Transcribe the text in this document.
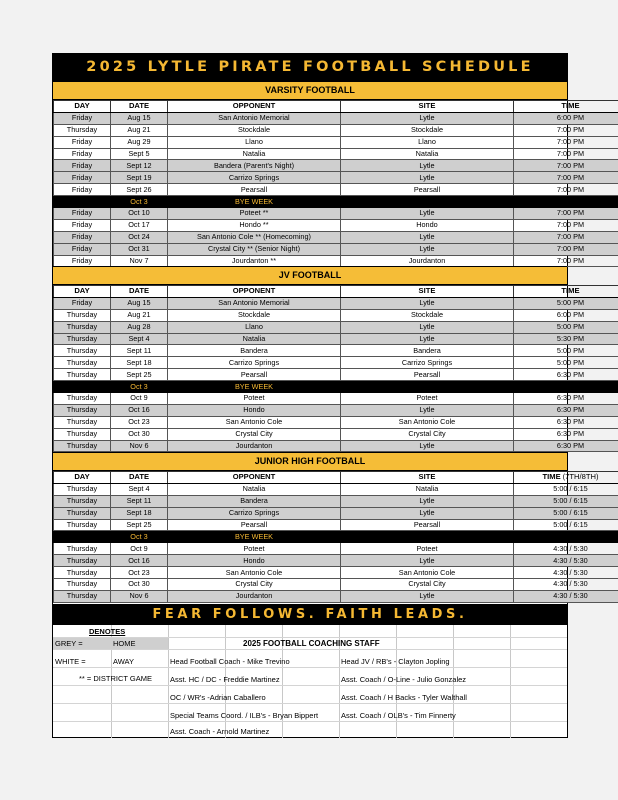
2025 LYTLE PIRATE FOOTBALL SCHEDULE
VARSITY FOOTBALL
DAY	DATE	OPPONENT	SITE	TIME
Friday	Aug 15	San Antonio Memorial	Lytle	6:00 PM
Thursday	Aug 21	Stockdale	Stockdale	7:00 PM
Friday	Aug 29	Llano	Llano	7:00 PM
Friday	Sept 5	Natalia	Natalia	7:00 PM
Friday	Sept 12	Bandera (Parent's Night)	Lytle	7:00 PM
Friday	Sept 19	Carrizo Springs	Lytle	7:00 PM
Friday	Sept 26	Pearsall	Pearsall	7:00 PM
	Oct 3	BYE WEEK		
Friday	Oct 10	Poteet **	Lytle	7:00 PM
Friday	Oct 17	Hondo **	Hondo	7:00 PM
Friday	Oct 24	San Antonio Cole ** (Homecoming)	Lytle	7:00 PM
Friday	Oct 31	Crystal City ** (Senior Night)	Lytle	7:00 PM
Friday	Nov 7	Jourdanton **	Jourdanton	7:00 PM
JV FOOTBALL
DAY	DATE	OPPONENT	SITE	TIME
Friday	Aug 15	San Antonio Memorial	Lytle	5:00 PM
Thursday	Aug 21	Stockdale	Stockdale	6:00 PM
Thursday	Aug 28	Llano	Lytle	5:00 PM
Thursday	Sept 4	Natalia	Lytle	5:30 PM
Thursday	Sept 11	Bandera	Bandera	5:00 PM
Thursday	Sept 18	Carrizo Springs	Carrizo Springs	5:00 PM
Thursday	Sept 25	Pearsall	Pearsall	6:30 PM
	Oct 3	BYE WEEK		
Thursday	Oct 9	Poteet	Poteet	6:30 PM
Thursday	Oct 16	Hondo	Lytle	6:30 PM
Thursday	Oct 23	San Antonio Cole	San Antonio Cole	6:30 PM
Thursday	Oct 30	Crystal City	Crystal City	6:30 PM
Thursday	Nov 6	Jourdanton	Lytle	6:30 PM
JUNIOR HIGH FOOTBALL
DAY	DATE	OPPONENT	SITE	TIME (7TH/8TH)
Thursday	Sept 4	Natalia	Natalia	5:00 / 6:15
Thursday	Sept 11	Bandera	Lytle	5:00 / 6:15
Thursday	Sept 18	Carrizo Springs	Lytle	5:00 / 6:15
Thursday	Sept 25	Pearsall	Pearsall	5:00 / 6:15
	Oct 3	BYE WEEK		
Thursday	Oct 9	Poteet	Poteet	4:30 / 5:30
Thursday	Oct 16	Hondo	Lytle	4:30 / 5:30
Thursday	Oct 23	San Antonio Cole	San Antonio Cole	4:30 / 5:30
Thursday	Oct 30	Crystal City	Crystal City	4:30 / 5:30
Thursday	Nov 6	Jourdanton	Lytle	4:30 / 5:30
FEAR FOLLOWS. FAITH LEADS.
DENOTES
GREY =	HOME
WHITE =	AWAY
** = DISTRICT GAME
2025 FOOTBALL COACHING STAFF
Head Football Coach - Mike Trevino
Asst. HC / DC - Freddie Martinez
OC / WR's -Adrian Caballero
Special Teams Coord. / ILB's - Bryan Bippert
Asst. Coach - Arnold Martinez
Head JV / RB's - Clayton Jopling
Asst. Coach / O-Line - Julio Gonzalez
Asst. Coach / H Backs - Tyler Walthall
Asst. Coach / OLB's - Tim Finnerty
